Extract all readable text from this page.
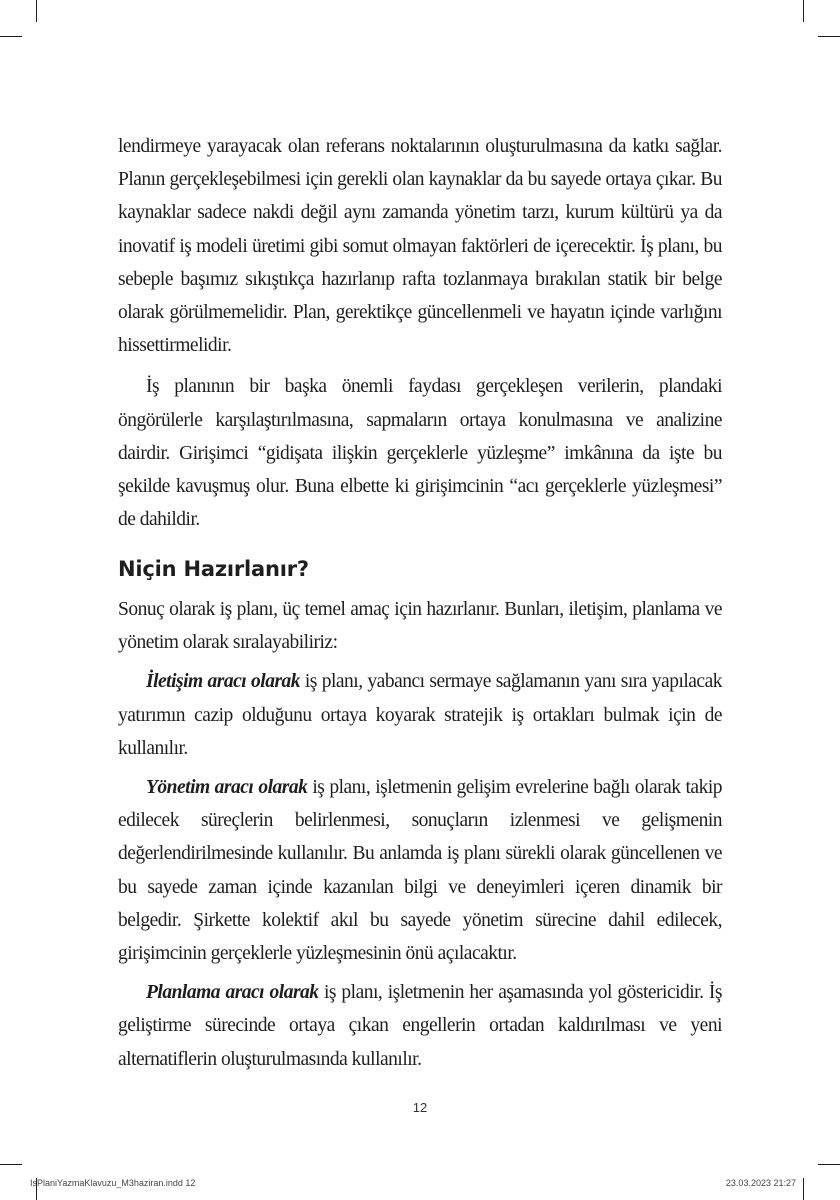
lendirmeye yarayacak olan referans noktalarının oluşturulmasına da katkı sağlar. Planın gerçekleşebilmesi için gerekli olan kaynaklar da bu sayede ortaya çıkar. Bu kaynaklar sadece nakdi değil aynı zamanda yönetim tarzı, kurum kültürü ya da inovatif iş modeli üretimi gibi somut olmayan faktörleri de içerecektir. İş planı, bu sebeple başımız sıkıştıkça hazırlanıp rafta tozlanmaya bırakılan statik bir belge olarak görülmemelidir. Plan, gerektikçe güncellenmeli ve hayatın içinde varlığını hissettirmelidir.

İş planının bir başka önemli faydası gerçekleşen verilerin, plandaki öngörülerle karşılaştırılmasına, sapmaların ortaya konulmasına ve analizine dairdir. Girişimci “gidişata ilişkin gerçeklerle yüzleşme” imkânına da işte bu şekilde kavuşmuş olur. Buna elbette ki girişimcinin “acı gerçeklerle yüzleşmesi” de dahildir.

Niçin Hazırlanır?

Sonuç olarak iş planı, üç temel amaç için hazırlanır. Bunları, iletişim, planlama ve yönetim olarak sıralayabiliriz:

İletişim aracı olarak iş planı, yabancı sermaye sağlamanın yanı sıra yapılacak yatırımın cazip olduğunu ortaya koyarak stratejik iş ortakları bulmak için de kullanılır.

Yönetim aracı olarak iş planı, işletmenin gelişim evrelerine bağlı olarak takip edilecek süreçlerin belirlenmesi, sonuçların izlenmesi ve gelişmenin değerlendirilmesinde kullanılır. Bu anlamda iş planı sürekli olarak güncellenen ve bu sayede zaman içinde kazanılan bilgi ve deneyimleri içeren dinamik bir belgedir. Şirkette kolektif akıl bu sayede yönetim sürecine dahil edilecek, girişimcinin gerçeklerle yüzleşmesinin önü açılacaktır.

Planlama aracı olarak iş planı, işletmenin her aşamasında yol göstericidir. İş geliştirme sürecinde ortaya çıkan engellerin ortadan kaldırılması ve yeni alternatiflerin oluşturulmasında kullanılır.

12
IsPlaniYazmaKlavuzu_M3haziran.indd 12	23.03.2023 21:27
